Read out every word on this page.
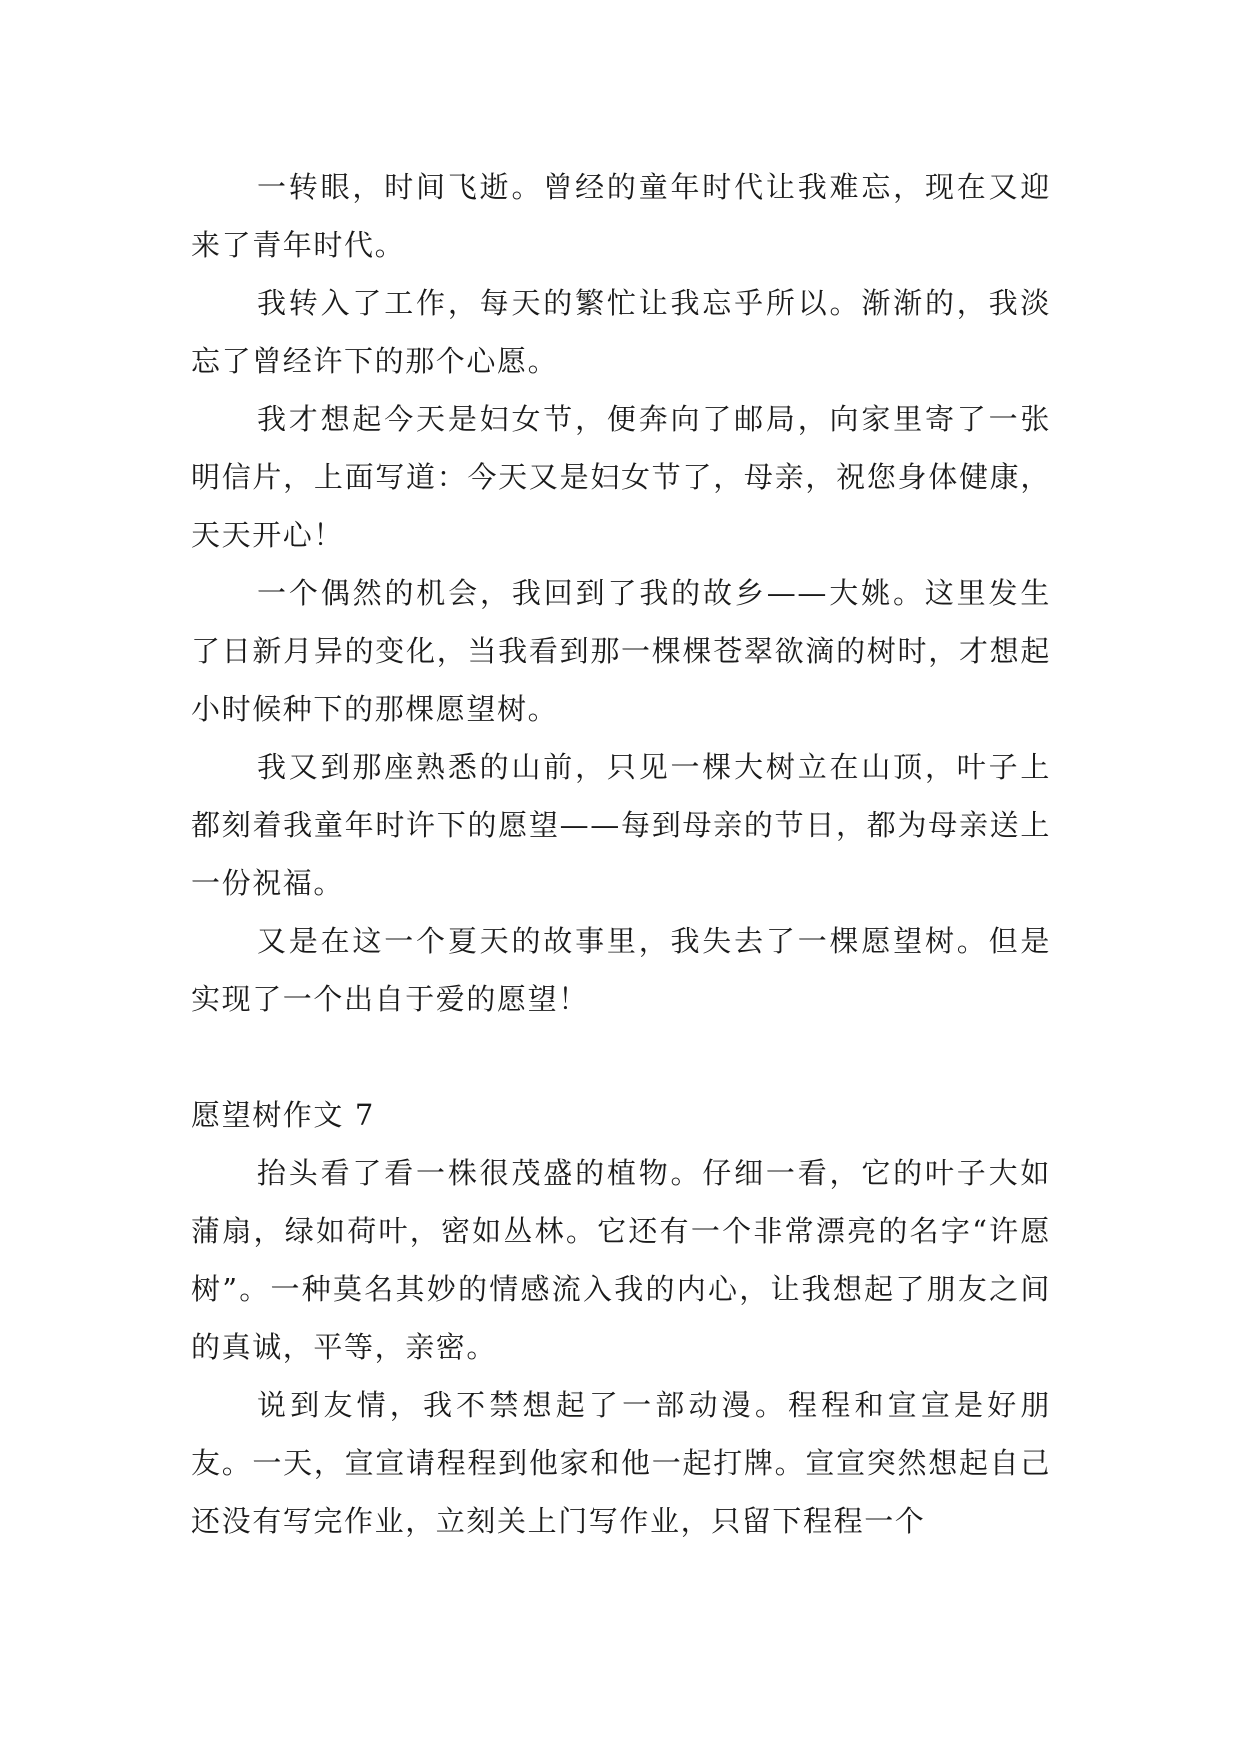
一转眼，时间飞逝。曾经的童年时代让我难忘，现在又迎来了青年时代。

我转入了工作，每天的繁忙让我忘乎所以。渐渐的，我淡忘了曾经许下的那个心愿。

我才想起今天是妇女节，便奔向了邮局，向家里寄了一张明信片，上面写道：今天又是妇女节了，母亲，祝您身体健康，天天开心！

一个偶然的机会，我回到了我的故乡——大姚。这里发生了日新月异的变化，当我看到那一棵棵苍翠欲滴的树时，才想起小时候种下的那棵愿望树。

我又到那座熟悉的山前，只见一棵大树立在山顶，叶子上都刻着我童年时许下的愿望——每到母亲的节日，都为母亲送上一份祝福。

又是在这一个夏天的故事里，我失去了一棵愿望树。但是实现了一个出自于爱的愿望！

愿望树作文 7

抬头看了看一株很茂盛的植物。仔细一看，它的叶子大如蒲扇，绿如荷叶，密如丛林。它还有一个非常漂亮的名字“许愿树”。一种莫名其妙的情感流入我的内心，让我想起了朋友之间的真诚，平等，亲密。

说到友情，我不禁想起了一部动漫。程程和宣宣是好朋友。一天，宣宣请程程到他家和他一起打牌。宣宣突然想起自己还没有写完作业，立刻关上门写作业，只留下程程一个
